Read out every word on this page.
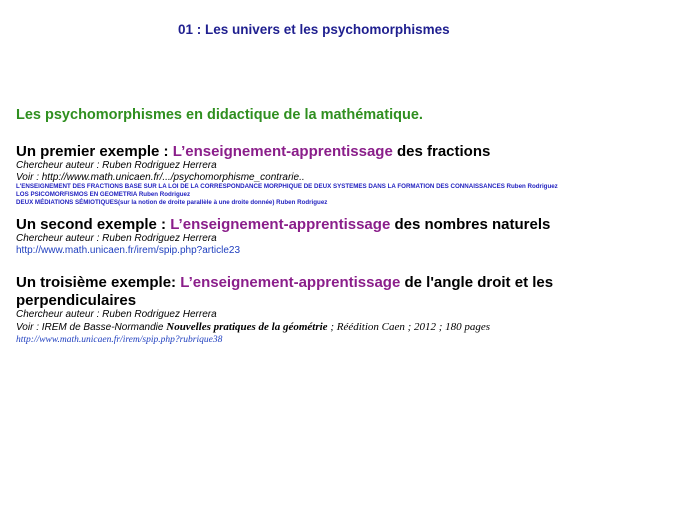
01 : Les univers et les psychomorphismes
Les psychomorphismes en didactique de la mathématique.
Un premier exemple : L’enseignement-apprentissage des fractions
Chercheur auteur : Ruben Rodriguez Herrera
Voir : http://www.math.unicaen.fr/.../psychomorphisme_contrarie..
L'ENSEIGNEMENT DES FRACTIONS BASE SUR LA LOI DE LA CORRESPONDANCE MORPHIQUE DE DEUX SYSTEMES DANS LA FORMATION DES CONNAISSANCES Ruben Rodriguez
LOS PSICOMORFISMOS EN GEOMETRIA Ruben Rodriguez
DEUX MÉDIATIONS SÉMIOTIQUES(sur la notion de droite parallèle à une droite donnée) Ruben Rodriguez
Un second exemple : L’enseignement-apprentissage des nombres naturels
Chercheur auteur : Ruben Rodriguez Herrera
http://www.math.unicaen.fr/irem/spip.php?article23
Un troisième exemple: L’enseignement-apprentissage de l'angle droit et les
perpendiculaires
Chercheur auteur : Ruben Rodriguez Herrera
Voir : IREM de Basse-Normandie Nouvelles pratiques de la géométrie ; Réédition Caen ; 2012 ; 180 pages
http://www.math.unicaen.fr/irem/spip.php?rubrique38
